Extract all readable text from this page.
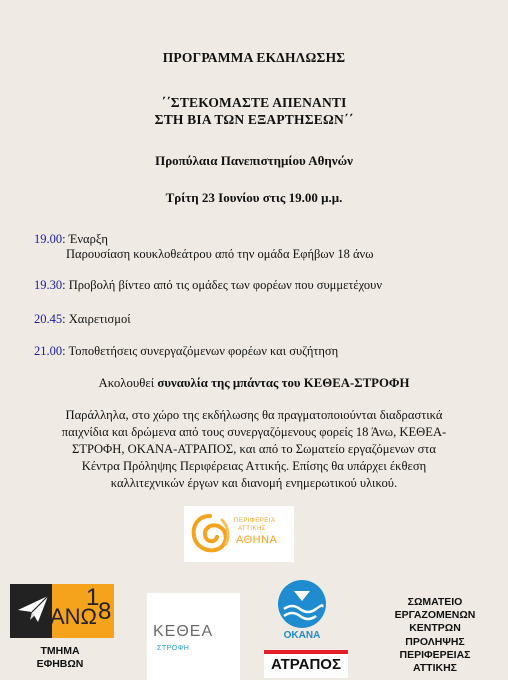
ΠΡΟΓΡΑΜΜΑ ΕΚΔΗΛΩΣΗΣ
΄΄ΣΤΕΚΟΜΑΣΤΕ ΑΠΕΝΑΝΤΙ
ΣΤΗ ΒΙΑ ΤΩΝ ΕΞΑΡΤΗΣΕΩΝ΄΄
Προπύλαια Πανεπιστημίου Αθηνών
Τρίτη 23 Ιουνίου στις 19.00 μ.μ.
19.00: Έναρξη
Παρουσίαση κουκλοθεάτρου από την ομάδα Εφήβων 18 άνω
19.30: Προβολή βίντεο από τις ομάδες των φορέων που συμμετέχουν
20.45: Χαιρετισμοί
21.00: Τοποθετήσεις συνεργαζόμενων φορέων και συζήτηση
Ακολουθεί συναυλία της μπάντας του ΚΕΘΕΑ-ΣΤΡΟΦΗ
Παράλληλα, στο χώρο της εκδήλωσης θα πραγματοποιούνται διαδραστικά
παιχνίδια και δρώμενα από τους συνεργαζόμενους φορείς 18 Άνω, ΚΕΘΕΑ-
ΣΤΡΟΦΗ, ΟΚΑΝΑ-ΑΤΡΑΠΟΣ, και από το Σωματείο εργαζόμενων στα
Κέντρα Πρόληψης Περιφέρειας Αττικής. Επίσης θα υπάρχει έκθεση
καλλιτεχνικών έργων και διανομή ενημερωτικού υλικού.
ΠΕΡΙΦΕΡΕΙΑ
ΑΤΤΙΚΗΣ
ΑΘΗΝΑ
ΑΝΩ
1
8
ΤΜΗΜΑ
ΕΦΗΒΩΝ
ΚΕΘΕΑ
ΣΤΡΟΦΗ
ΟΚΑΝΑ
ΑΤΡΑΠΟΣ
ΣΩΜΑΤΕΙΟ
ΕΡΓΑΖΟΜΕΝΩΝ
ΚΕΝΤΡΩΝ
ΠΡΟΛΗΨΗΣ
ΠΕΡΙΦΕΡΕΙΑΣ
ΑΤΤΙΚΗΣ
